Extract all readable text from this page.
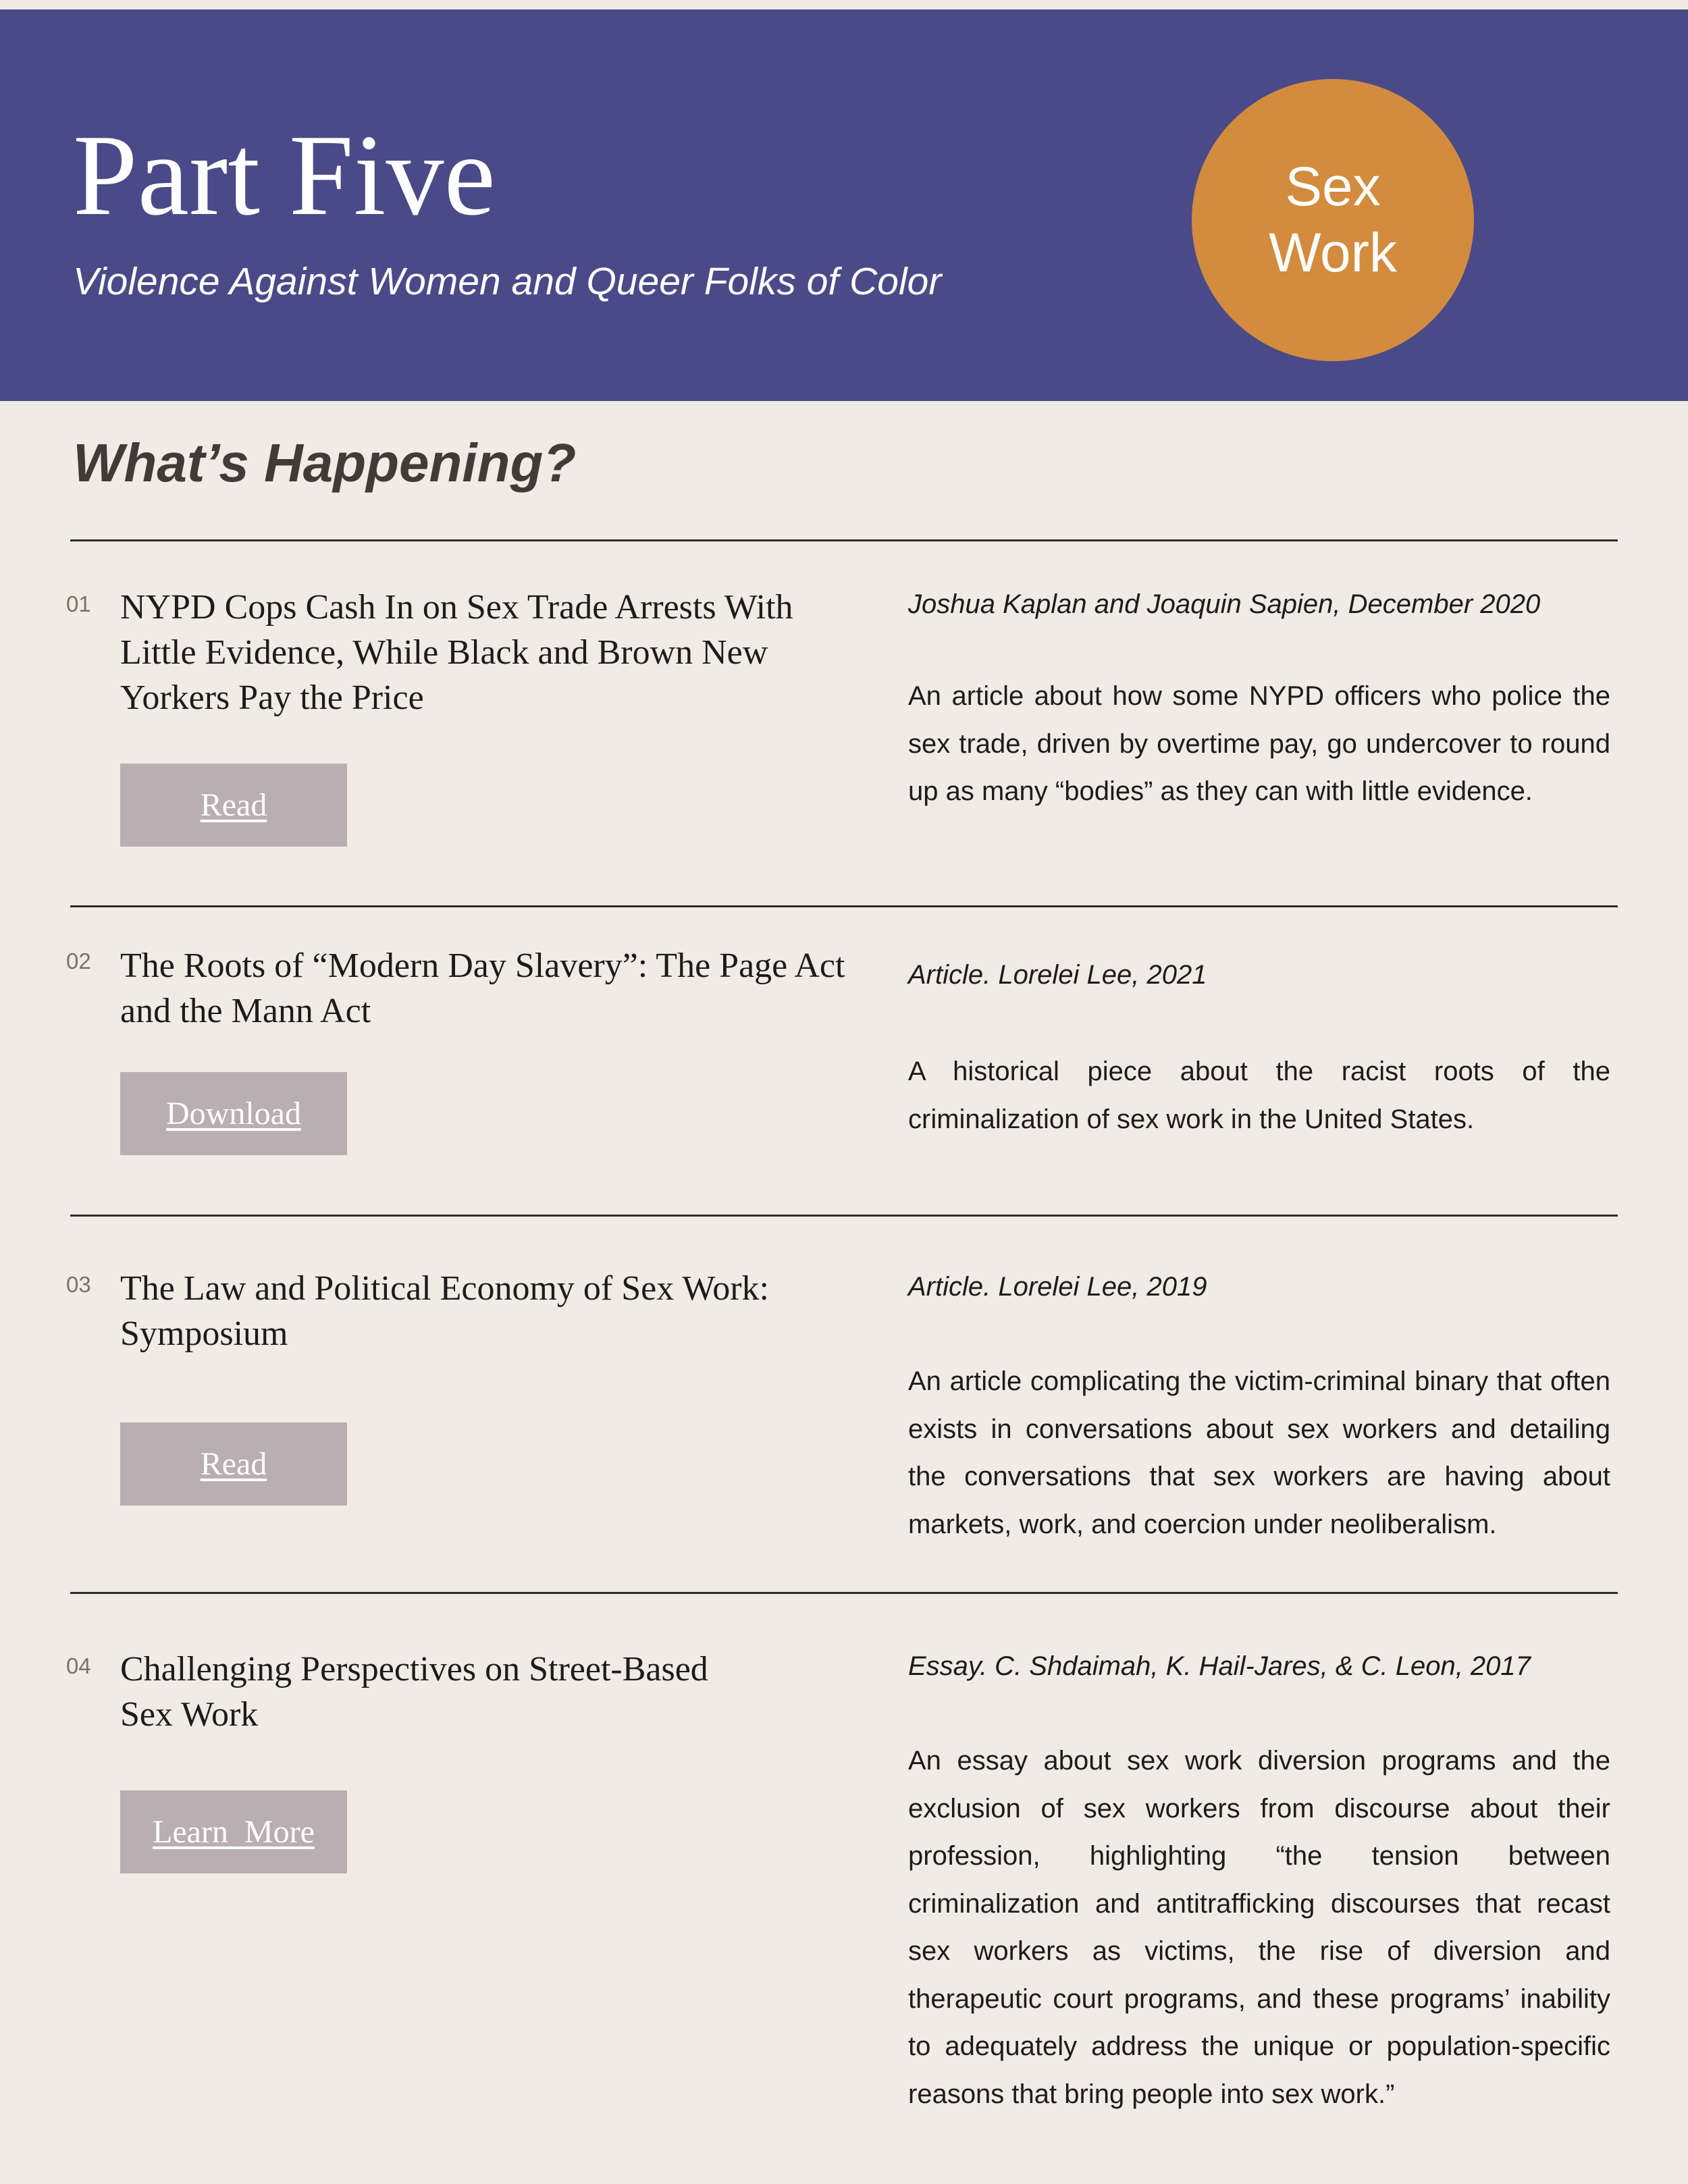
Part Five
Violence Against Women and Queer Folks of Color
Sex
Work
What’s Happening?
01 NYPD Cops Cash In on Sex Trade Arrests With Little Evidence, While Black and Brown New Yorkers Pay the Price
Read
Joshua Kaplan and Joaquin Sapien, December 2020
An article about how some NYPD officers who police the sex trade, driven by overtime pay, go undercover to round up as many “bodies” as they can with little evidence.
02 The Roots of “Modern Day Slavery”: The Page Act and the Mann Act
Download
Article. Lorelei Lee, 2021
A historical piece about the racist roots of the criminalization of sex work in the United States.
03 The Law and Political Economy of Sex Work: Symposium
Read
Article. Lorelei Lee, 2019
An article complicating the victim-criminal binary that often exists in conversations about sex workers and detailing the conversations that sex workers are having about markets, work, and coercion under neoliberalism.
04 Challenging Perspectives on Street-Based Sex Work
Learn  More
Essay. C. Shdaimah, K. Hail-Jares, & C. Leon, 2017
An essay about sex work diversion programs and the exclusion of sex workers from discourse about their profession, highlighting “the tension between criminalization and antitrafficking discourses that recast sex workers as victims, the rise of diversion and therapeutic court programs, and these programs’ inability to adequately address the unique or population-specific reasons that bring people into sex work.”
